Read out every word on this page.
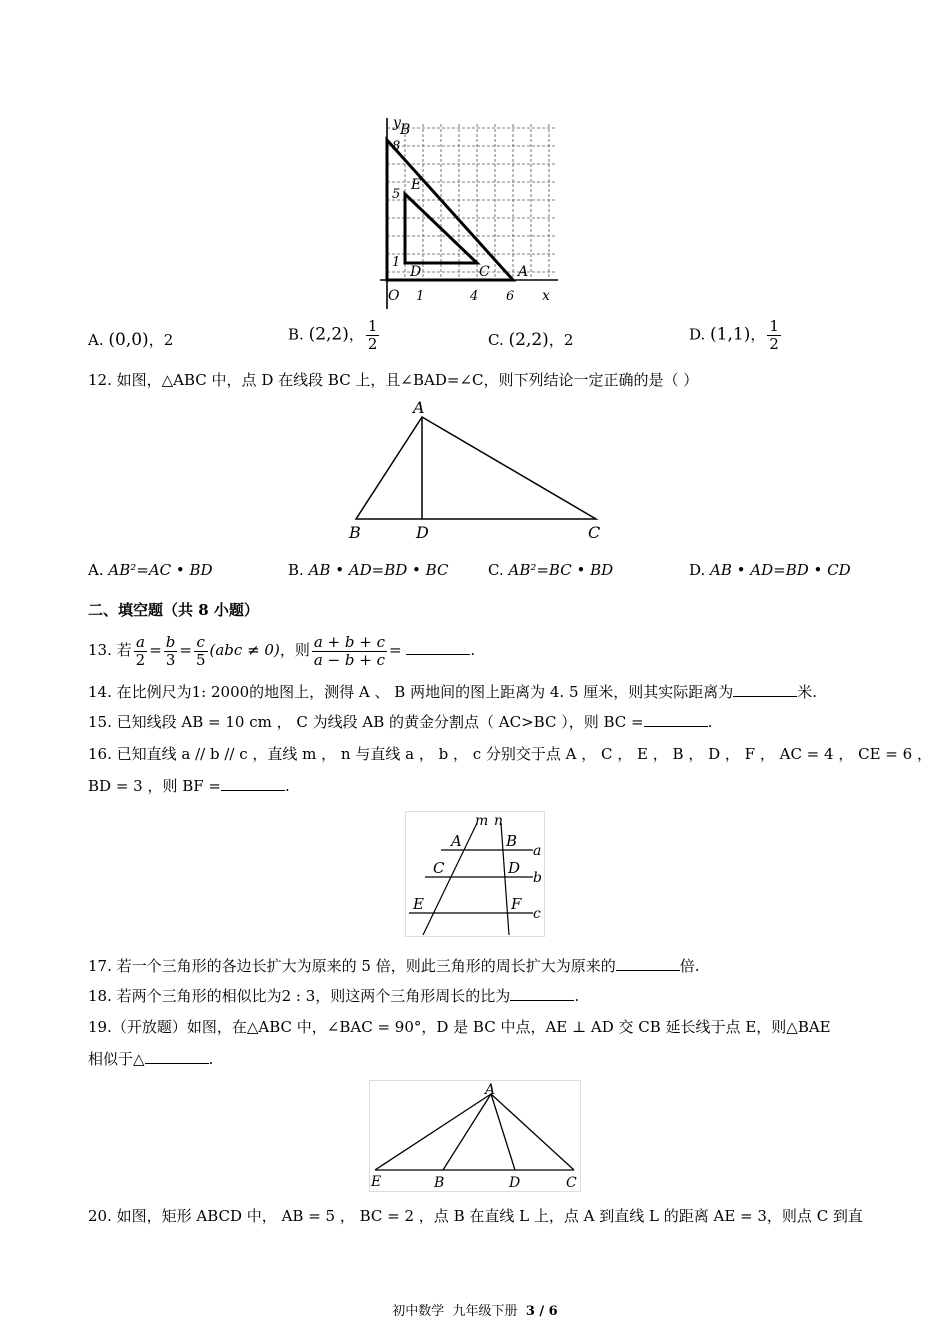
y
x
O
8
5
1
1	4 6
B
E
D	C A
A. (0,0)，2	B. (2,2)， $\frac{1}{2}$	C. (2,2)，2	D. (1,1)， $\frac{1}{2}$
12. 如图，△ABC 中，点 D 在线段 BC 上，且∠BAD=∠C，则下列结论一定正确的是（ ）
A
B	D	C
A. AB²=AC • BD	B. AB • AD=BD • BC	C. AB²=BC • BD	D. AB • AD=BD • CD
二、填空题（共 8 小题）
13. 若 $\frac{a}{2} = \frac{b}{3} = \frac{c}{5} (abc \ne 0)$，则 $\frac{a + b + c}{a - b + c}$ =	.
14. 在比例尺为1: 2000的地图上，测得 A 、 B 两地间的图上距离为 4. 5 厘米，则其实际距离为	米.
15. 已知线段 AB = 10 cm ， C 为线段 AB 的黄金分割点（ AC>BC ），则 BC =	.
16. 已知直线 a // b // c ，直线 m ， n 与直线 a ， b ， c 分别交于点 A ， C ， E ， B ， D ， F ， AC = 4 ， CE = 6 ，
BD = 3 ，则 BF =	.
m n
a
b
c
A	B
C	D
E	F
17. 若一个三角形的各边长扩大为原来的 5 倍，则此三角形的周长扩大为原来的	倍.
18. 若两个三角形的相似比为2 : 3，则这两个三角形周长的比为	.
19.（开放题）如图，在△ABC 中，∠BAC = 90°，D 是 BC 中点，AE ⊥ AD 交 CB 延长线于点 E，则△BAE
相似于△	.
A
E	B	D	C
20. 如图，矩形 ABCD 中， AB = 5 ， BC = 2 ，点 B 在直线 L 上，点 A 到直线 L 的距离 AE = 3，则点 C 到直
初中数学 九年级下册 3 / 6
